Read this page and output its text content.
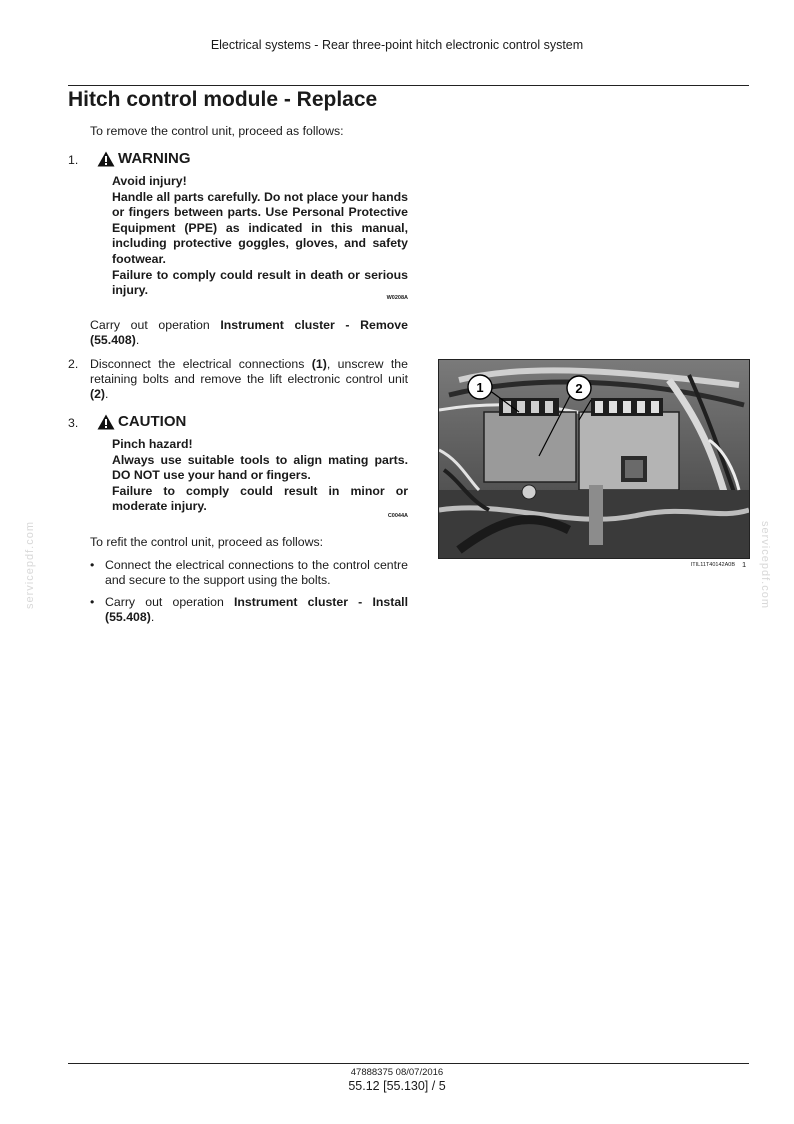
servicepdf.com	servicepdf.com
Electrical systems - Rear three-point hitch electronic control system
Hitch control module - Replace
To remove the control unit, proceed as follows:
1.	WARNING
Avoid injury!
Handle all parts carefully. Do not place your hands or fingers between parts. Use Personal Protective Equipment (PPE) as indicated in this manual, including protective goggles, gloves, and safety footwear.
Failure to comply could result in death or serious injury.
W0208A
Carry out operation Instrument cluster - Remove (55.408).
2. Disconnect the electrical connections (1), unscrew the retaining bolts and remove the lift electronic control unit (2).
3.	CAUTION
Pinch hazard!
Always use suitable tools to align mating parts. DO NOT use your hand or fingers.
Failure to comply could result in minor or moderate injury.
C0044A
To refit the control unit, proceed as follows:
• Connect the electrical connections to the control centre and secure to the support using the bolts.
• Carry out operation Instrument cluster - Install (55.408).
1	2
ITIL11T40142A0B 1
47888375 08/07/2016
55.12 [55.130] / 5
